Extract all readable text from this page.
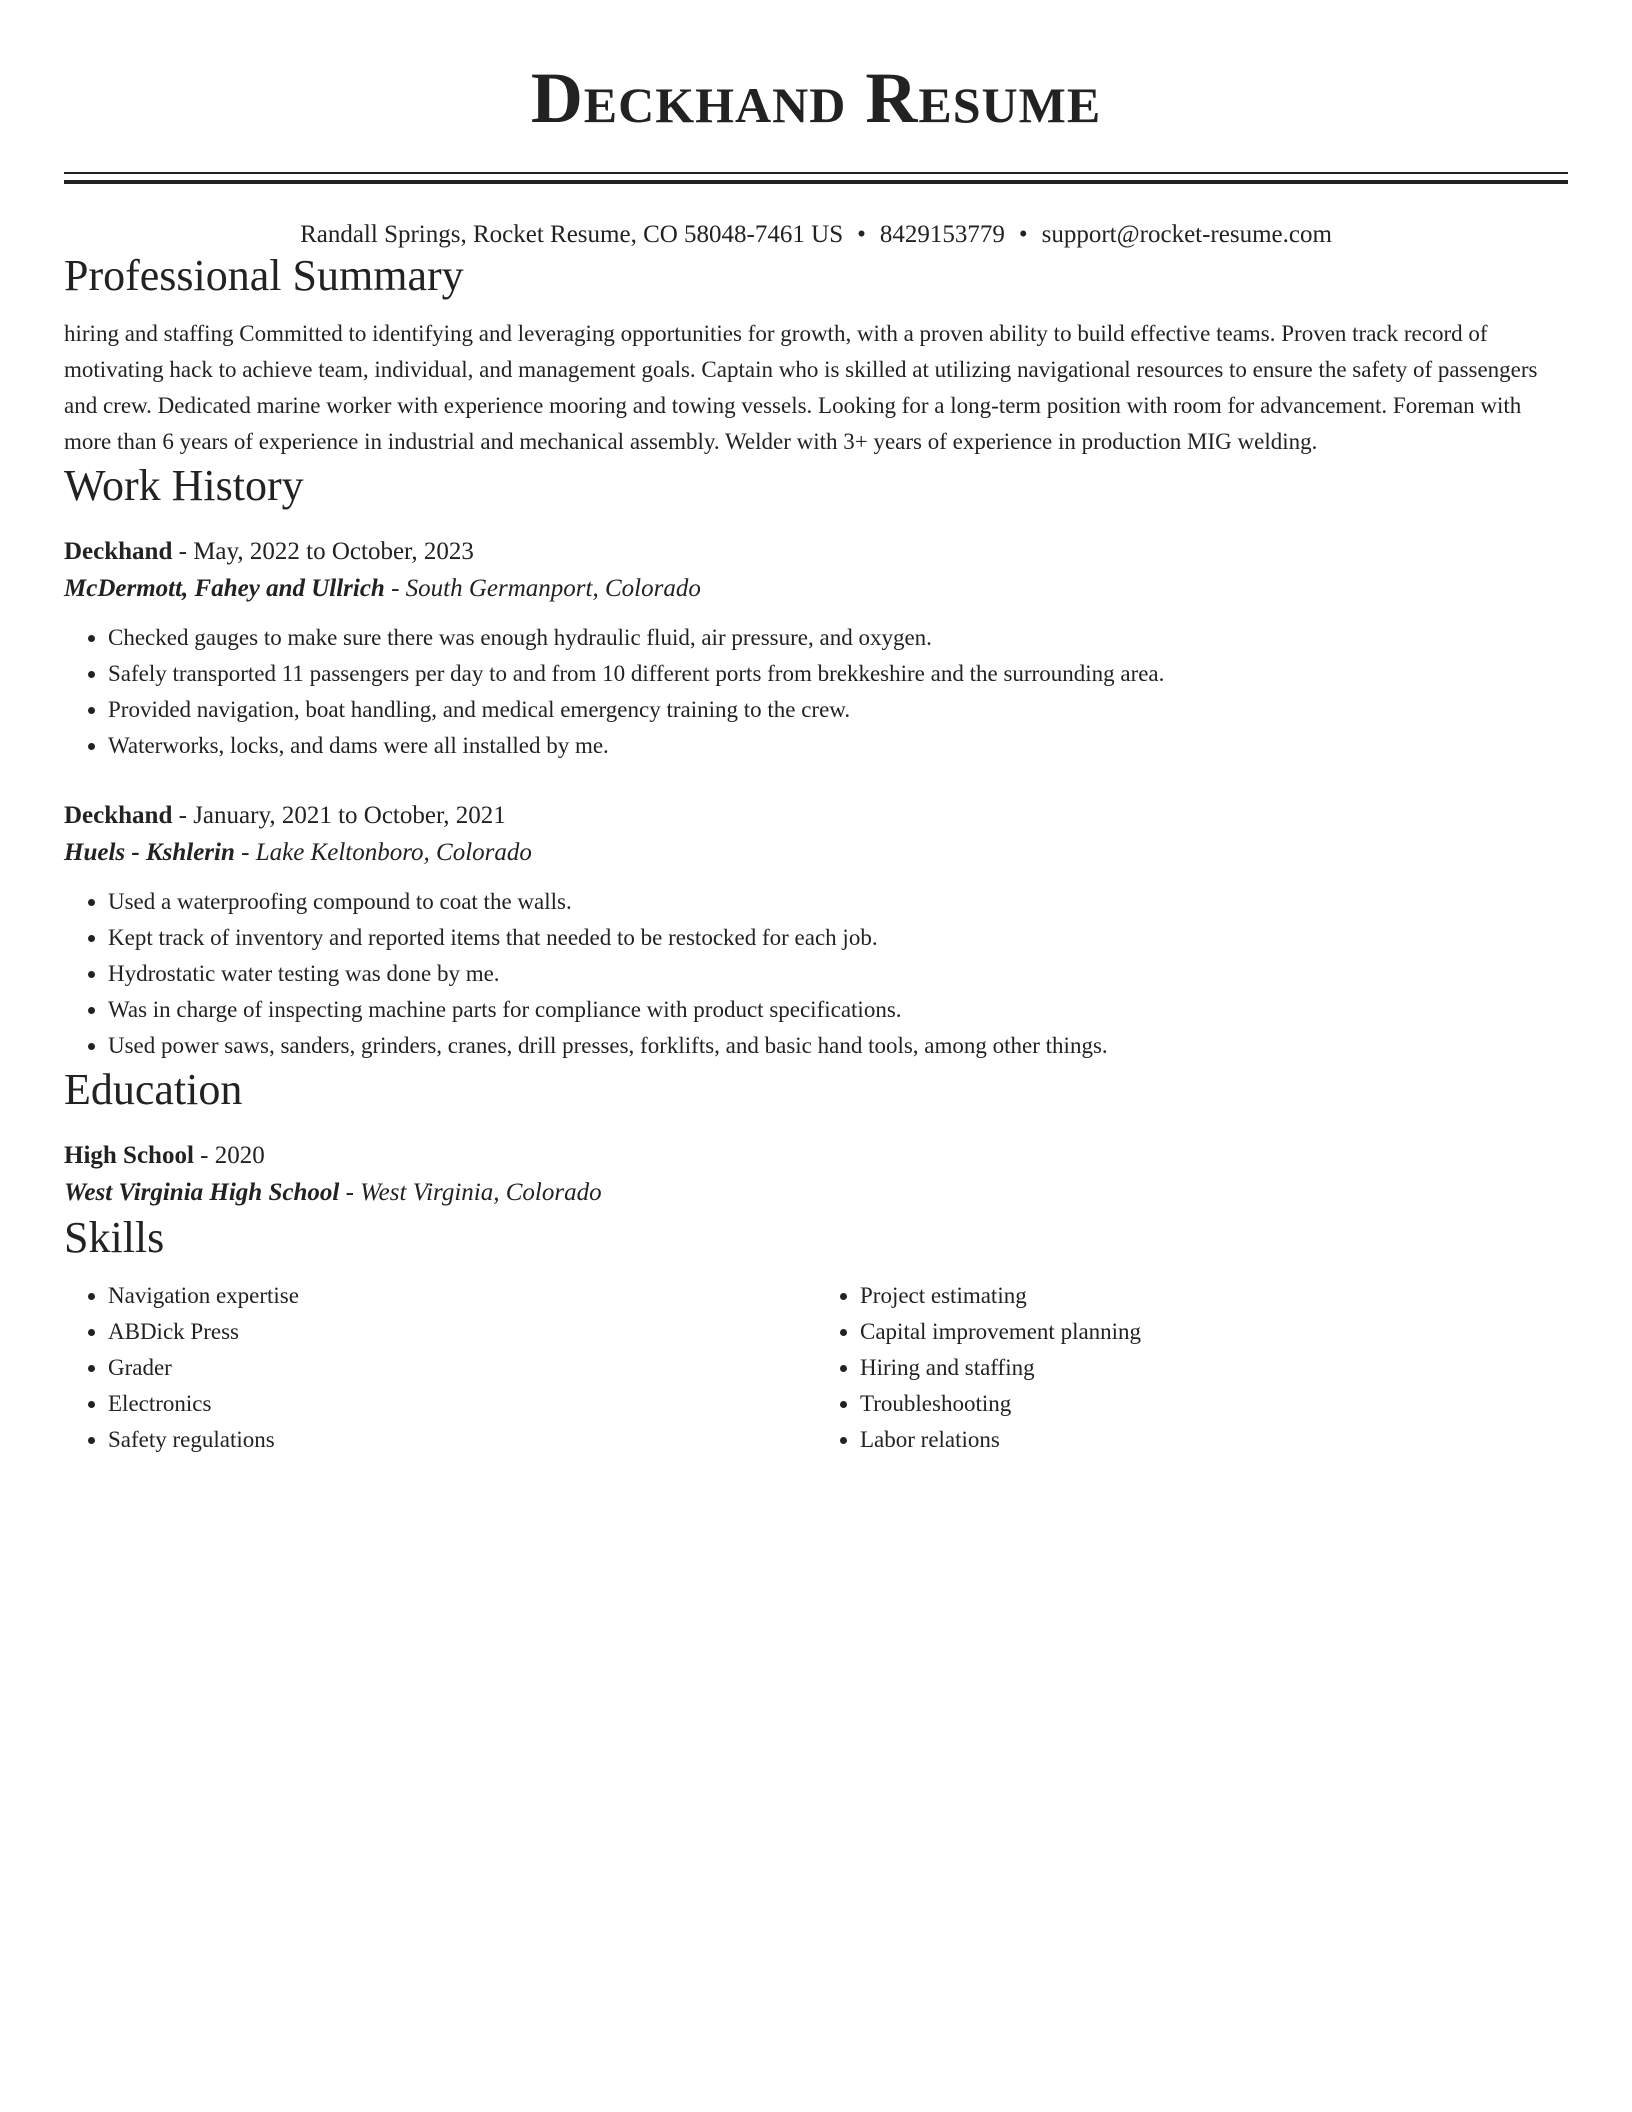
Deckhand Resume
Randall Springs, Rocket Resume, CO 58048-7461 US • 8429153779 • support@rocket-resume.com
Professional Summary
hiring and staffing Committed to identifying and leveraging opportunities for growth, with a proven ability to build effective teams. Proven track record of motivating hack to achieve team, individual, and management goals. Captain who is skilled at utilizing navigational resources to ensure the safety of passengers and crew. Dedicated marine worker with experience mooring and towing vessels. Looking for a long-term position with room for advancement. Foreman with more than 6 years of experience in industrial and mechanical assembly. Welder with 3+ years of experience in production MIG welding.
Work History
Deckhand - May, 2022 to October, 2023
McDermott, Fahey and Ullrich - South Germanport, Colorado
• Checked gauges to make sure there was enough hydraulic fluid, air pressure, and oxygen.
• Safely transported 11 passengers per day to and from 10 different ports from brekkeshire and the surrounding area.
• Provided navigation, boat handling, and medical emergency training to the crew.
• Waterworks, locks, and dams were all installed by me.
Deckhand - January, 2021 to October, 2021
Huels - Kshlerin - Lake Keltonboro, Colorado
• Used a waterproofing compound to coat the walls.
• Kept track of inventory and reported items that needed to be restocked for each job.
• Hydrostatic water testing was done by me.
• Was in charge of inspecting machine parts for compliance with product specifications.
• Used power saws, sanders, grinders, cranes, drill presses, forklifts, and basic hand tools, among other things.
Education
High School - 2020
West Virginia High School - West Virginia, Colorado
Skills
• Navigation expertise
• ABDick Press
• Grader
• Electronics
• Safety regulations
• Project estimating
• Capital improvement planning
• Hiring and staffing
• Troubleshooting
• Labor relations
